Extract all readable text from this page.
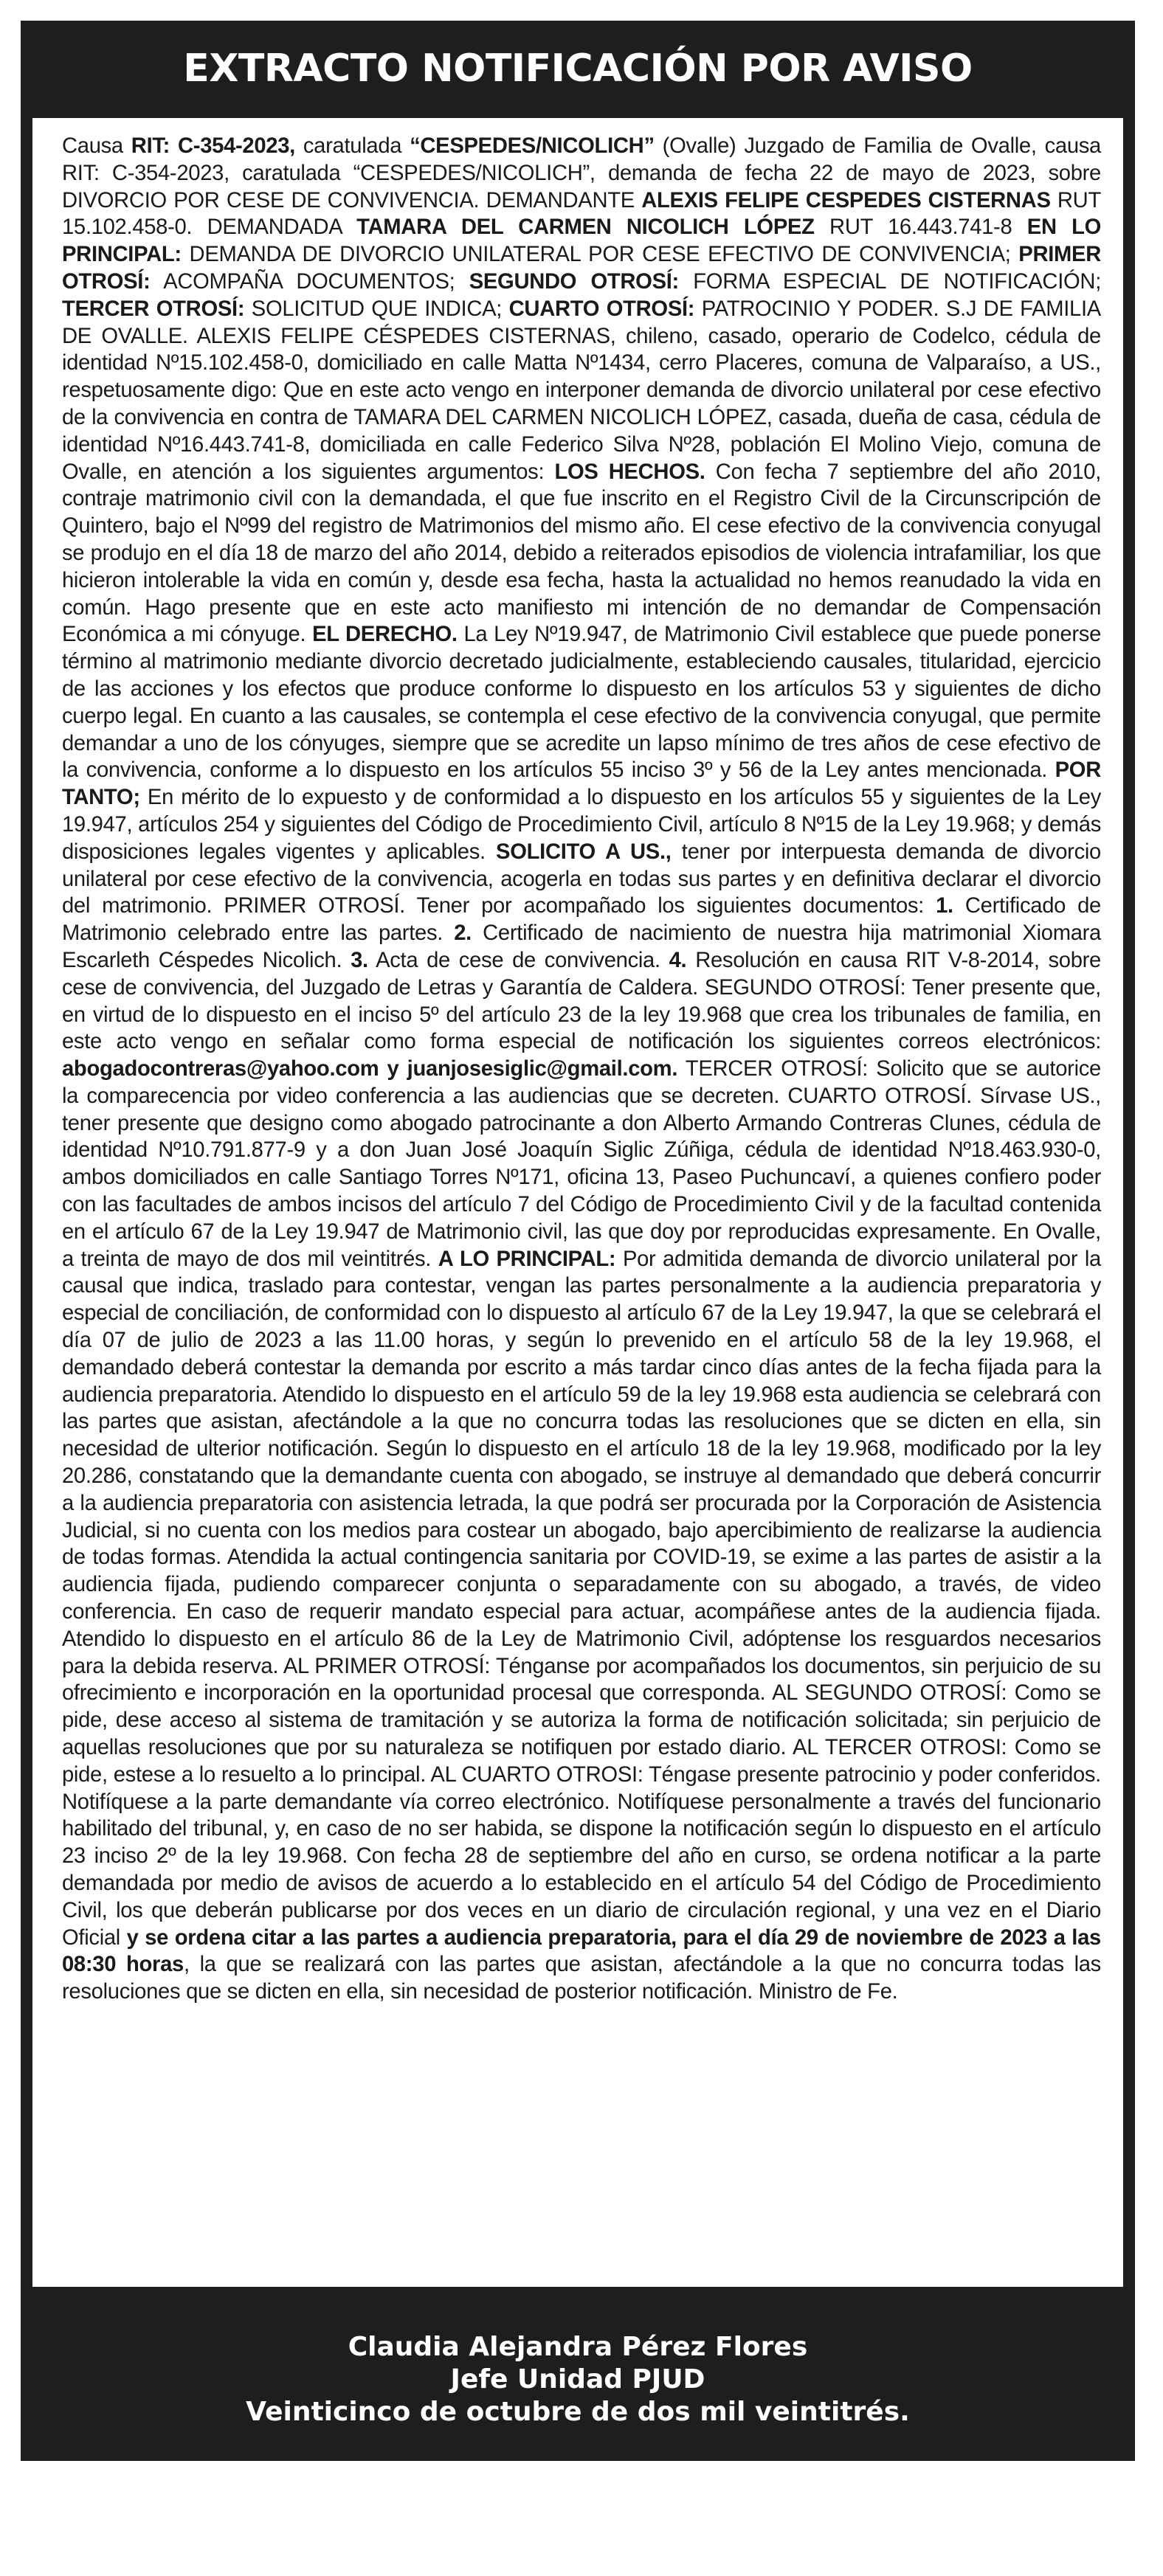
EXTRACTO NOTIFICACIÓN POR AVISO

Causa RIT: C-354-2023, caratulada “CESPEDES/NICOLICH” (Ovalle) Juzgado de Familia de Ovalle, causa RIT: C-354-2023, caratulada “CESPEDES/NICOLICH”, demanda de fecha 22 de mayo de 2023, sobre DIVORCIO POR CESE DE CONVIVENCIA. DEMANDANTE ALEXIS FELIPE CESPEDES CISTERNAS RUT 15.102.458-0. DEMANDADA TAMARA DEL CARMEN NICOLICH LÓPEZ RUT 16.443.741-8 EN LO PRINCIPAL: DEMANDA DE DIVORCIO UNILATERAL POR CESE EFECTIVO DE CONVIVENCIA; PRIMER OTROSÍ: ACOMPAÑA DOCUMENTOS; SEGUNDO OTROSÍ: FORMA ESPECIAL DE NOTIFICACIÓN; TERCER OTROSÍ: SOLICITUD QUE INDICA; CUARTO OTROSÍ: PATROCINIO Y PODER. S.J DE FAMILIA DE OVALLE. ALEXIS FELIPE CÉSPEDES CISTERNAS, chileno, casado, operario de Codelco, cédula de identidad Nº15.102.458-0, domiciliado en calle Matta Nº1434, cerro Placeres, comuna de Valparaíso, a US., respetuosamente digo: Que en este acto vengo en interponer demanda de divorcio unilateral por cese efectivo de la convivencia en contra de TAMARA DEL CARMEN NICOLICH LÓPEZ, casada, dueña de casa, cédula de identidad Nº16.443.741-8, domiciliada en calle Federico Silva Nº28, población El Molino Viejo, comuna de Ovalle, en atención a los siguientes argumentos: LOS HECHOS. Con fecha 7 septiembre del año 2010, contraje matrimonio civil con la demandada, el que fue inscrito en el Registro Civil de la Circunscripción de Quintero, bajo el Nº99 del registro de Matrimonios del mismo año. El cese efectivo de la convivencia conyugal se produjo en el día 18 de marzo del año 2014, debido a reiterados episodios de violencia intrafamiliar, los que hicieron intolerable la vida en común y, desde esa fecha, hasta la actualidad no hemos reanudado la vida en común. Hago presente que en este acto manifiesto mi intención de no demandar de Compensación Económica a mi cónyuge. EL DERECHO. La Ley Nº19.947, de Matrimonio Civil establece que puede ponerse término al matrimonio mediante divorcio decretado judicialmente, estableciendo causales, titularidad, ejercicio de las acciones y los efectos que produce conforme lo dispuesto en los artículos 53 y siguientes de dicho cuerpo legal. En cuanto a las causales, se contempla el cese efectivo de la convivencia conyugal, que permite demandar a uno de los cónyuges, siempre que se acredite un lapso mínimo de tres años de cese efectivo de la convivencia, conforme a lo dispuesto en los artículos 55 inciso 3º y 56 de la Ley antes mencionada. POR TANTO; En mérito de lo expuesto y de conformidad a lo dispuesto en los artículos 55 y siguientes de la Ley 19.947, artículos 254 y siguientes del Código de Procedimiento Civil, artículo 8 Nº15 de la Ley 19.968; y demás disposiciones legales vigentes y aplicables. SOLICITO A US., tener por interpuesta demanda de divorcio unilateral por cese efectivo de la convivencia, acogerla en todas sus partes y en definitiva declarar el divorcio del matrimonio. PRIMER OTROSÍ. Tener por acompañado los siguientes documentos: 1. Certificado de Matrimonio celebrado entre las partes. 2. Certificado de nacimiento de nuestra hija matrimonial Xiomara Escarleth Céspedes Nicolich. 3. Acta de cese de convivencia. 4. Resolución en causa RIT V-8-2014, sobre cese de convivencia, del Juzgado de Letras y Garantía de Caldera. SEGUNDO OTROSÍ: Tener presente que, en virtud de lo dispuesto en el inciso 5º del artículo 23 de la ley 19.968 que crea los tribunales de familia, en este acto vengo en señalar como forma especial de notificación los siguientes correos electrónicos: abogadocontreras@yahoo.com y juanjosesiglic@gmail.com. TERCER OTROSÍ: Solicito que se autorice la comparecencia por video conferencia a las audiencias que se decreten. CUARTO OTROSÍ. Sírvase US., tener presente que designo como abogado patrocinante a don Alberto Armando Contreras Clunes, cédula de identidad Nº10.791.877-9 y a don Juan José Joaquín Siglic Zúñiga, cédula de identidad Nº18.463.930-0, ambos domiciliados en calle Santiago Torres Nº171, oficina 13, Paseo Puchuncaví, a quienes confiero poder con las facultades de ambos incisos del artículo 7 del Código de Procedimiento Civil y de la facultad contenida en el artículo 67 de la Ley 19.947 de Matrimonio civil, las que doy por reproducidas expresamente. En Ovalle, a treinta de mayo de dos mil veintitrés. A LO PRINCIPAL: Por admitida demanda de divorcio unilateral por la causal que indica, traslado para contestar, vengan las partes personalmente a la audiencia preparatoria y especial de conciliación, de conformidad con lo dispuesto al artículo 67 de la Ley 19.947, la que se celebrará el día 07 de julio de 2023 a las 11.00 horas, y según lo prevenido en el artículo 58 de la ley 19.968, el demandado deberá contestar la demanda por escrito a más tardar cinco días antes de la fecha fijada para la audiencia preparatoria. Atendido lo dispuesto en el artículo 59 de la ley 19.968 esta audiencia se celebrará con las partes que asistan, afectándole a la que no concurra todas las resoluciones que se dicten en ella, sin necesidad de ulterior notificación. Según lo dispuesto en el artículo 18 de la ley 19.968, modificado por la ley 20.286, constatando que la demandante cuenta con abogado, se instruye al demandado que deberá concurrir a la audiencia preparatoria con asistencia letrada, la que podrá ser procurada por la Corporación de Asistencia Judicial, si no cuenta con los medios para costear un abogado, bajo apercibimiento de realizarse la audiencia de todas formas. Atendida la actual contingencia sanitaria por COVID-19, se exime a las partes de asistir a la audiencia fijada, pudiendo comparecer conjunta o separadamente con su abogado, a través, de video conferencia. En caso de requerir mandato especial para actuar, acompáñese antes de la audiencia fijada. Atendido lo dispuesto en el artículo 86 de la Ley de Matrimonio Civil, adóptense los resguardos necesarios para la debida reserva. AL PRIMER OTROSÍ: Ténganse por acompañados los documentos, sin perjuicio de su ofrecimiento e incorporación en la oportunidad procesal que corresponda. AL SEGUNDO OTROSÍ: Como se pide, dese acceso al sistema de tramitación y se autoriza la forma de notificación solicitada; sin perjuicio de aquellas resoluciones que por su naturaleza se notifiquen por estado diario. AL TERCER OTROSI: Como se pide, estese a lo resuelto a lo principal. AL CUARTO OTROSI: Téngase presente patrocinio y poder conferidos. Notifíquese a la parte demandante vía correo electrónico. Notifíquese personalmente a través del funcionario habilitado del tribunal, y, en caso de no ser habida, se dispone la notificación según lo dispuesto en el artículo 23 inciso 2º de la ley 19.968. Con fecha 28 de septiembre del año en curso, se ordena notificar a la parte demandada por medio de avisos de acuerdo a lo establecido en el artículo 54 del Código de Procedimiento Civil, los que deberán publicarse por dos veces en un diario de circulación regional, y una vez en el Diario Oficial y se ordena citar a las partes a audiencia preparatoria, para el día 29 de noviembre de 2023 a las 08:30 horas, la que se realizará con las partes que asistan, afectándole a la que no concurra todas las resoluciones que se dicten en ella, sin necesidad de posterior notificación. Ministro de Fe.

Claudia Alejandra Pérez Flores
Jefe Unidad PJUD
Veinticinco de octubre de dos mil veintitrés.
